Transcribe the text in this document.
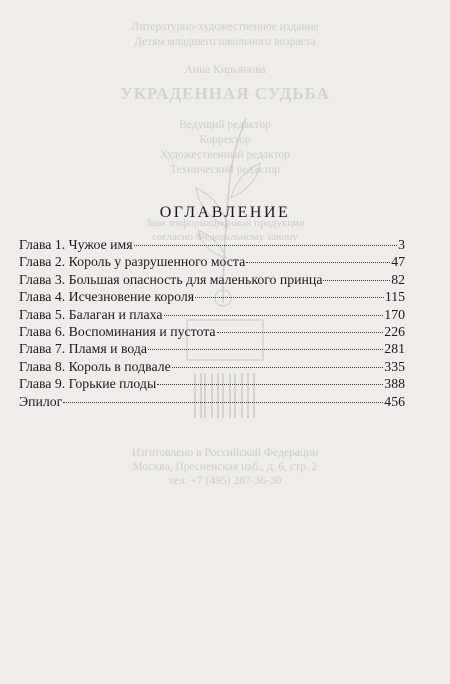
Литературно-художественное издание
Детям младшего школьного возраста
Анна Кирьянова
УКРАДЕННАЯ СУДЬБА
Ведущий редактор
Корректор
Художественный редактор
Технический редактор
Знак информационной продукции
согласно Федеральному закону
Изготовлено в Российской Федерации
Москва, Пресненская наб., д. 6, стр. 2
тел. +7 (495) 287-36-30
ОГЛАВЛЕНИЕ
Глава 1. Чужое имя	3
Глава 2. Король у разрушенного моста	47
Глава 3. Большая опасность для маленького принца	82
Глава 4. Исчезновение короля	115
Глава 5. Балаган и плаха	170
Глава 6. Воспоминания и пустота	226
Глава 7. Пламя и вода	281
Глава 8. Король в подвале	335
Глава 9. Горькие плоды	388
Эпилог	456
